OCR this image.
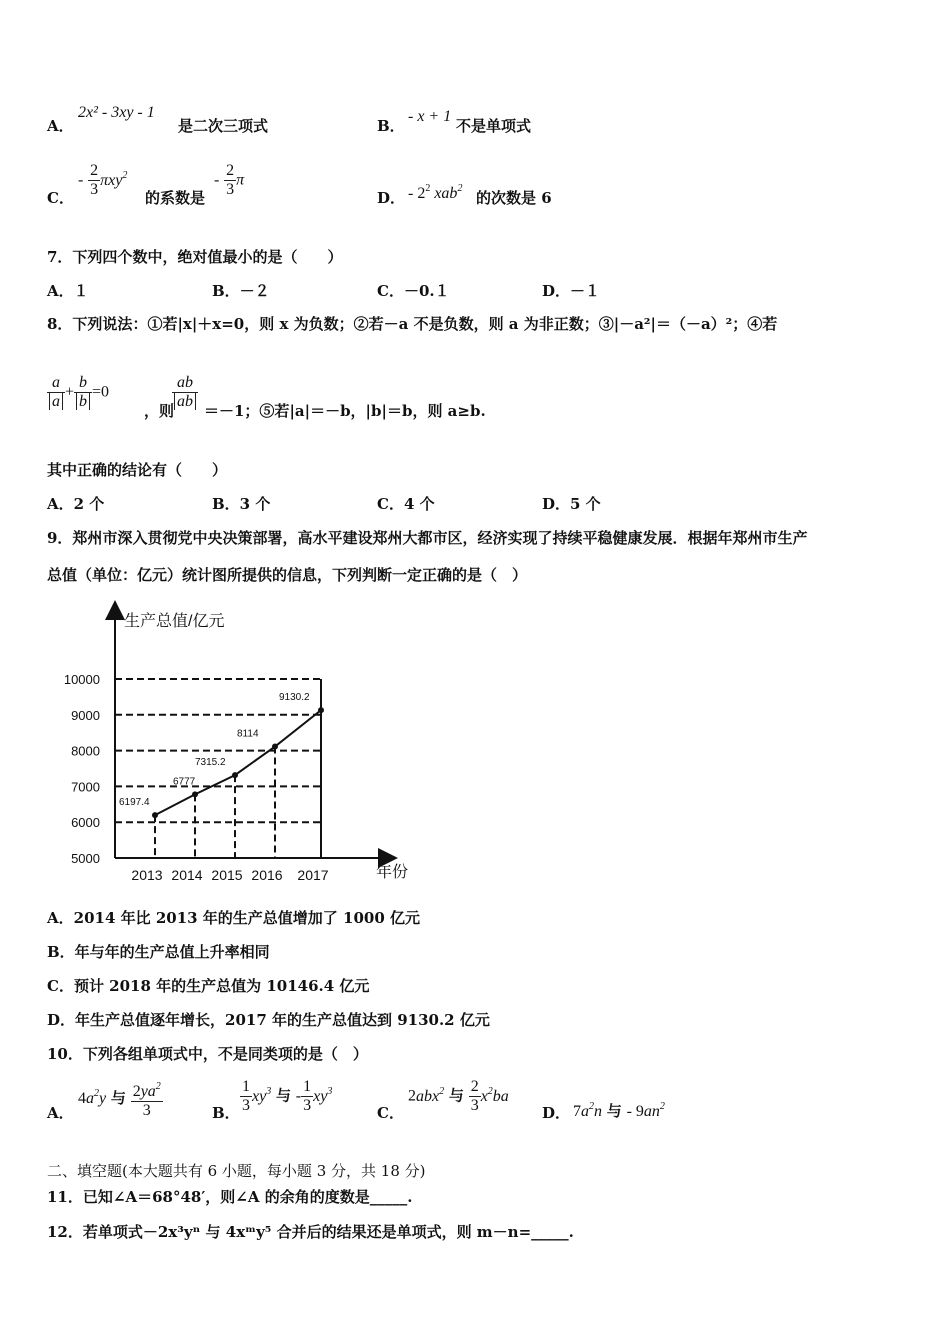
A．
2x² - 3xy - 1
是二次三项式	B．
- x + 1
不是单项式
C．
- $\frac{2}{3} \pi xy^2$
的系数是
- $\frac{2}{3}$ π
D． - $2^2$ xab$^2$
的次数是 6
7．下列四个数中，绝对值最小的是（　　）
A．１	B．－２	C．－0.１	D．－１
8．下列说法：①若|x|＋x=0，则 x 为负数；②若－a 不是负数，则 a 为非正数；③|－a²|＝（－a）²；④若
$\frac{a}{a} + \frac{b}{b} =0$
，则
$\frac{ab}{ab} =-1$；⑤若|a|＝－b，|b|＝b，则 a≥b.
其中正确的结论有（　　）
A．2 个	B．3 个	C．4 个	D．5 个
9．郑州市深入贯彻党中央决策部署，高水平建设郑州大都市区，经济实现了持续平稳健康发展．根据年郑州市生产
总值（单位：亿元）统计图所提供的信息，下列判断一定正确的是（　）
5000
6000
7000
8000
9000
10000
生产总值/亿元
年份
6197.4
6777
7315.2
8114
9130.2
2013 2014 2015 2016 2017
A．2014 年比 2013 年的生产总值增加了 1000 亿元
B．年与年的生产总值上升率相同
C．预计 2018 年的生产总值为 10146.4 亿元
D．年生产总值逐年增长，2017 年的生产总值达到 9130.2 亿元
10．下列各组单项式中，不是同类项的是（　）
A．
$4a^2y$ 与 $\frac{2ya^2}{3}$	B． $\frac{1}{3} xy^3$ 与 - $\frac{1}{3} xy^3$
C．
2abx$^2$ 与 $\frac{2}{3} x^2ba$
D． $7a^2n$ 与 - $9an^2$
二、填空题(本大题共有 6 小题，每小题 3 分，共 18 分)
11．已知∠A＝68°48′，则∠A 的余角的度数是_____.
12．若单项式－2x³yⁿ 与 4xᵐy⁵ 合并后的结果还是单项式，则 m－n=_____.
